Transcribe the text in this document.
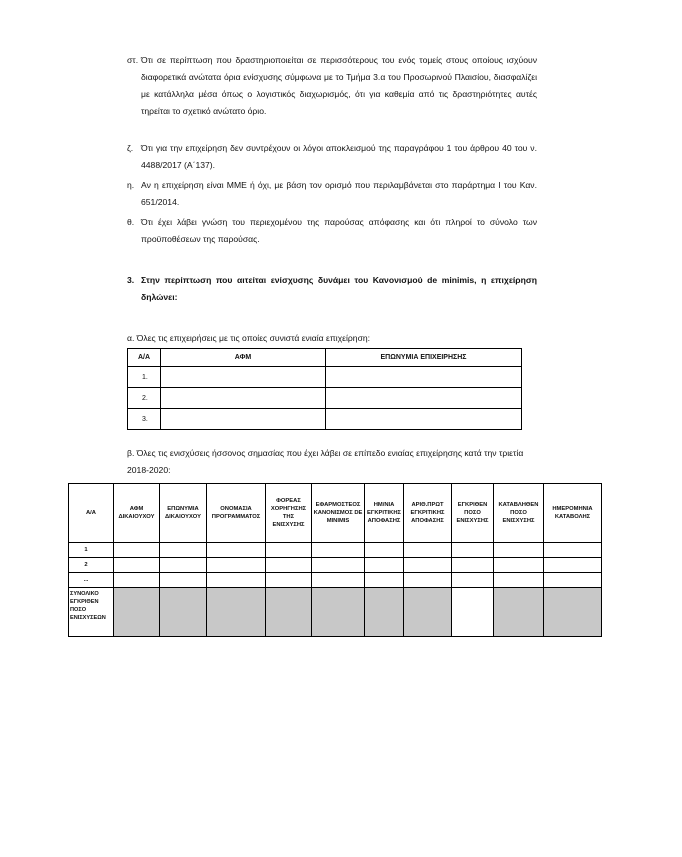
στ. Ότι σε περίπτωση που δραστηριοποιείται σε περισσότερους του ενός τομείς στους οποίους ισχύουν διαφορετικά ανώτατα όρια ενίσχυσης σύμφωνα με το Τμήμα 3.α του Προσωρινού Πλαισίου, διασφαλίζει με κατάλληλα μέσα όπως ο λογιστικός διαχωρισμός, ότι για καθεμία από τις δραστηριότητες αυτές τηρείται το σχετικό ανώτατο όριο.
ζ. Ότι για την επιχείρηση δεν συντρέχουν οι λόγοι αποκλεισμού της παραγράφου 1 του άρθρου 40 του ν. 4488/2017 (Α΄137).
η. Αν η επιχείρηση είναι ΜΜΕ ή όχι, με βάση τον ορισμό που περιλαμβάνεται στο παράρτημα Ι του Καν. 651/2014.
θ. Ότι έχει λάβει γνώση του περιεχομένου της παρούσας απόφασης και ότι πληροί το σύνολο των προϋποθέσεων της παρούσας.
3. Στην περίπτωση που αιτείται ενίσχυσης δυνάμει του Κανονισμού de minimis, η επιχείρηση δηλώνει:
α. Όλες τις επιχειρήσεις με τις οποίες συνιστά ενιαία επιχείρηση:
Α/Α	ΑΦΜ	ΕΠΩΝΥΜΙΑ ΕΠΙΧΕΙΡΗΣΗΣ
1.		
2.		
3.		
β. Όλες τις ενισχύσεις ήσσονος σημασίας που έχει λάβει σε επίπεδο ενιαίας επιχείρησης κατά την τριετία 2018-2020:
Α/Α	ΑΦΜ ΔΙΚΑΙΟΥΧΟΥ	ΕΠΩΝΥΜΙΑ ΔΙΚΑΙΟΥΧΟΥ	ΟΝΟΜΑΣΙΑ ΠΡΟΓΡΑΜΜΑΤΟΣ	ΦΟΡΕΑΣ ΧΟΡΗΓΗΣΗΣ ΤΗΣ ΕΝΙΣΧΥΣΗΣ	ΕΦΑΡΜΟΣΤΕΟΣ ΚΑΝΟΝΙΣΜΟΣ DE MINIMIS	ΗΜ/ΝΙΑ ΕΓΚΡΙΤΙΚΗΣ ΑΠΟΦΑΣΗΣ	ΑΡΙΘ.ΠΡΩΤ ΕΓΚΡΙΤΙΚΗΣ ΑΠΟΦΑΣΗΣ	ΕΓΚΡΙΘΕΝ ΠΟΣΟ ΕΝΙΣΧΥΣΗΣ	ΚΑΤΑΒΛΗΘΕΝ ΠΟΣΟ ΕΝΙΣΧΥΣΗΣ	ΗΜΕΡΟΜΗΝΙΑ ΚΑΤΑΒΟΛΗΣ
1										
2										
...										
ΣΥΝΟΛΙΚΟ ΕΓΚΡΙΘΕΝ ΠΟΣΟ ΕΝΙΣΧΥΣΕΩΝ										
